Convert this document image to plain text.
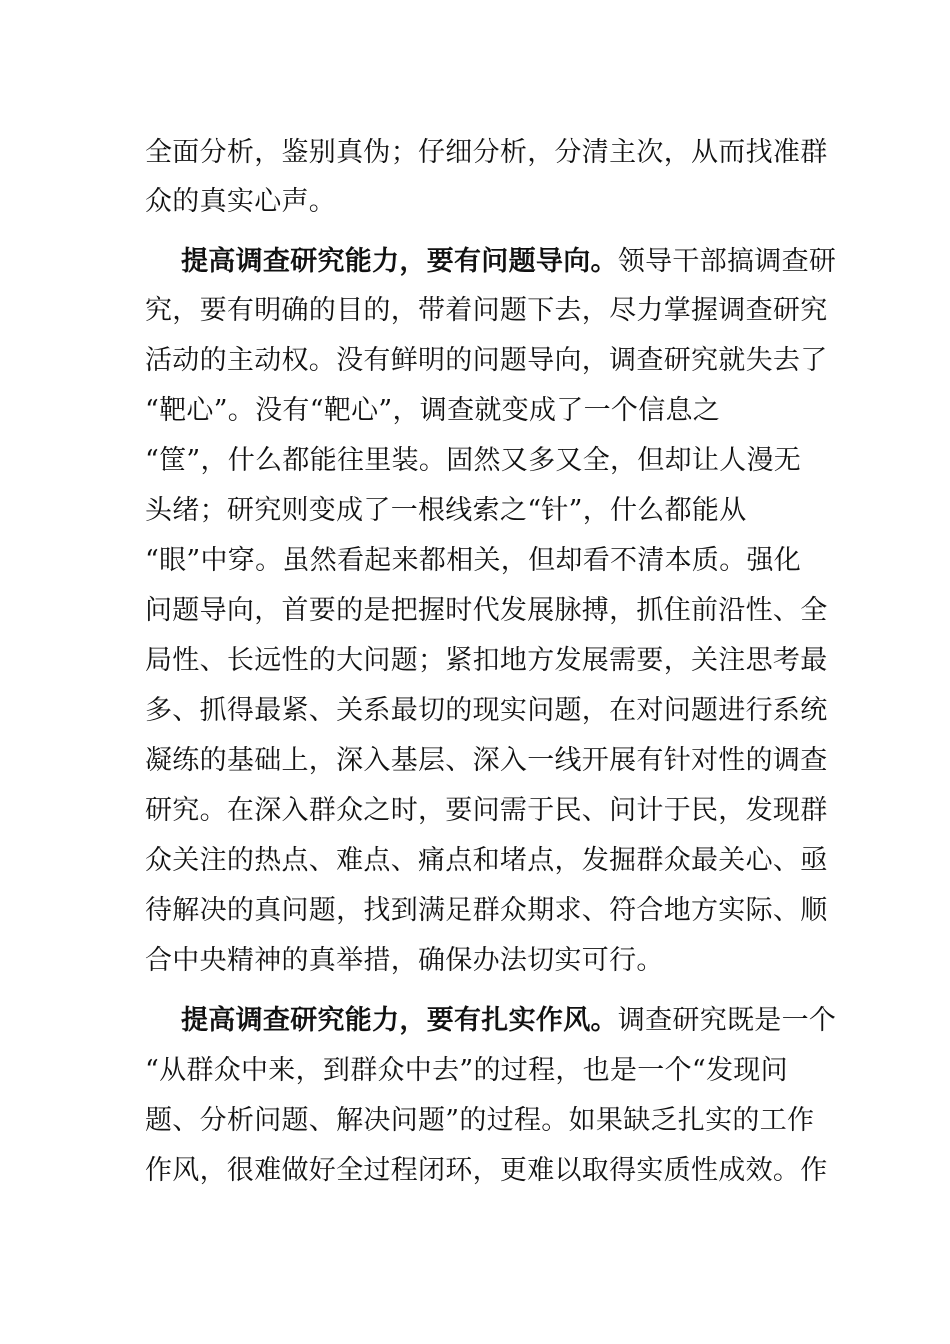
全面分析，鉴别真伪；仔细分析，分清主次，从而找准群
众的真实心声。
提高调查研究能力，要有问题导向。领导干部搞调查研
究，要有明确的目的，带着问题下去，尽力掌握调查研究
活动的主动权。没有鲜明的问题导向，调查研究就失去了
“靶心”。没有“靶心”，调查就变成了一个信息之
“筐”，什么都能往里装。固然又多又全，但却让人漫无
头绪；研究则变成了一根线索之“针”，什么都能从
“眼”中穿。虽然看起来都相关，但却看不清本质。强化
问题导向，首要的是把握时代发展脉搏，抓住前沿性、全
局性、长远性的大问题；紧扣地方发展需要，关注思考最
多、抓得最紧、关系最切的现实问题，在对问题进行系统
凝练的基础上，深入基层、深入一线开展有针对性的调查
研究。在深入群众之时，要问需于民、问计于民，发现群
众关注的热点、难点、痛点和堵点，发掘群众最关心、亟
待解决的真问题，找到满足群众期求、符合地方实际、顺
合中央精神的真举措，确保办法切实可行。
提高调查研究能力，要有扎实作风。调查研究既是一个
“从群众中来，到群众中去”的过程，也是一个“发现问
题、分析问题、解决问题”的过程。如果缺乏扎实的工作
作风，很难做好全过程闭环，更难以取得实质性成效。作
